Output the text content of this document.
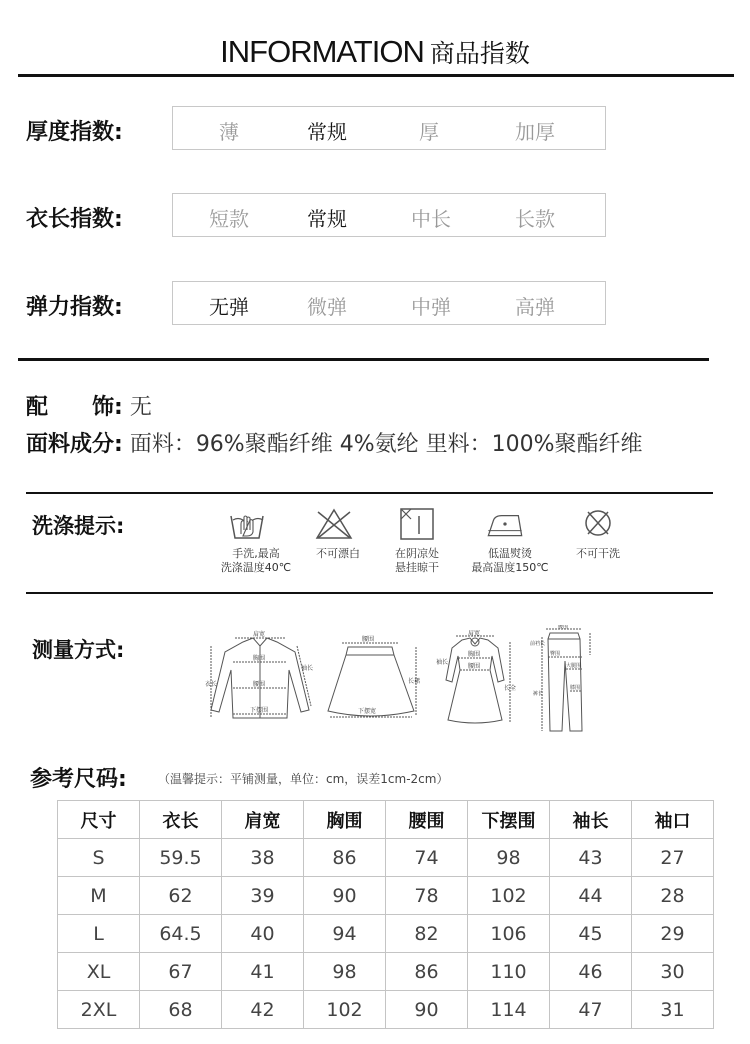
INFORMATION 商品指数
厚度指数:	薄	常规	厚	加厚
衣长指数:	短款	常规	中长	长款
弹力指数:	无弹	微弹	中弹	高弹
配　　饰: 无
面料成分: 面料：96%聚酯纤维 4%氨纶 里料：100%聚酯纤维
洗涤提示:
手洗,最高
洗涤温度40℃
不可漂白	在阴凉处
悬挂晾干
低温熨烫
最高温度150℃
不可干洗
测量方式:
肩宽
胸围
腰围
下摆围
衣长
袖长
腰围
下摆宽
长裙
肩宽
胸围
腰围
袖长
长全
腰围
前裆长
臀围
大腿围
膝围
裤长
参考尺码:	（温馨提示：平铺测量，单位：cm，误差1cm-2cm）
尺寸	衣长	肩宽	胸围	腰围	下摆围	袖长	袖口
S	59.5	38	86	74	98	43	27
M	62	39	90	78	102	44	28
L	64.5	40	94	82	106	45	29
XL	67	41	98	86	110	46	30
2XL	68	42	102	90	114	47	31
